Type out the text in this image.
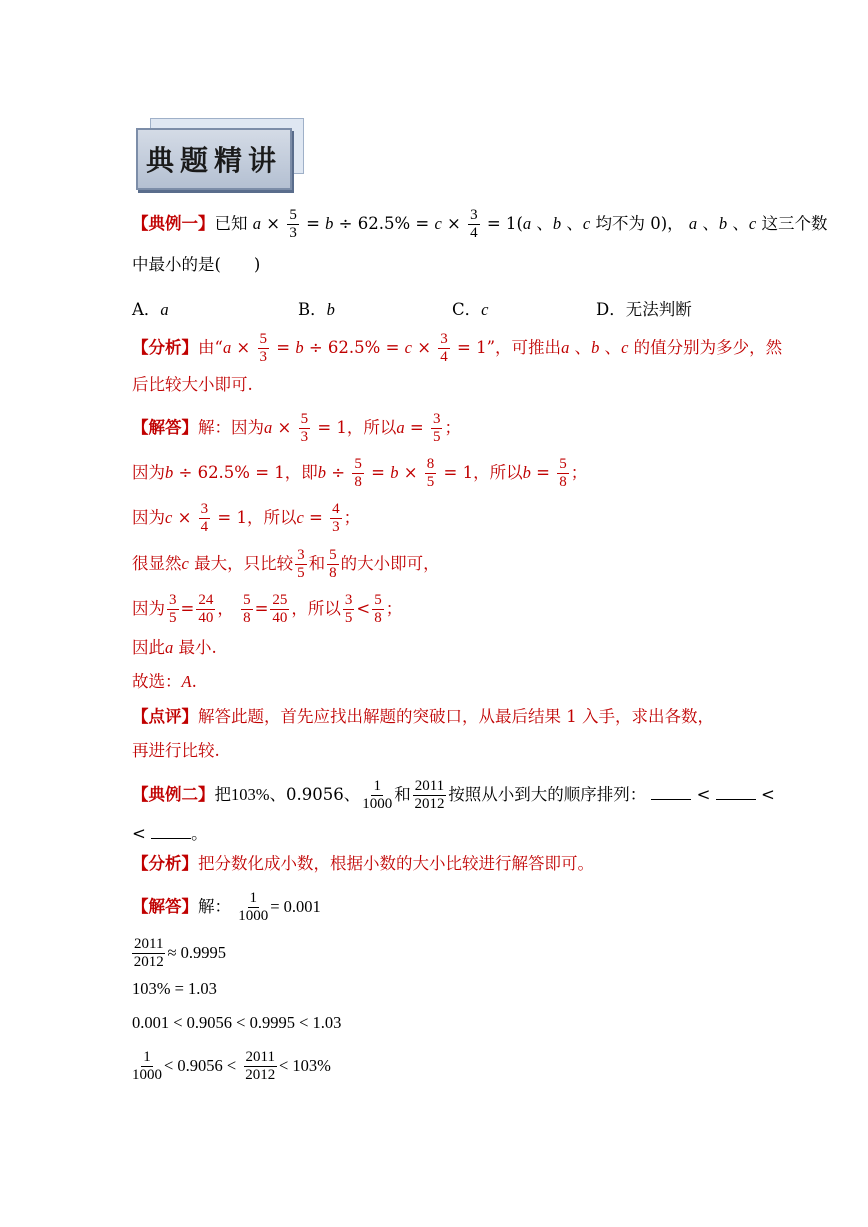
典题精讲
【典例一】已知 $a \times \frac{5}{3} = b \div 62.5\% = c \times \frac{3}{4} = 1(a$ 、b 、c 均不为 0)， a 、b 、c 这三个数
中最小的是(　　)
A．a	B．b	C．c	D．无法判断
【分析】由“$a \times \frac{5}{3} = b \div 62.5\% = c \times \frac{3}{4} = 1$”，可推出a 、b 、c 的值分别为多少，然
后比较大小即可.
【解答】解：因为$a \times \frac{5}{3} = 1$，所以$a = \frac{3}{5}$ ；
因为b ÷ 62.5% = 1，即$b \div \frac{5}{8} = b \times \frac{8}{5} = 1$，所以$b = \frac{5}{8}$ ；
因为$c \times \frac{3}{4} = 1$，所以$c = \frac{4}{3}$ ；
很显然c 最大，只比较 $\frac{3}{5}$ 和 $\frac{5}{8}$ 的大小即可，
因为 $\frac{3}{5} = \frac{24}{40}$ ， $\frac{5}{8} = \frac{25}{40}$ ，所以 $\frac{3}{5} < \frac{5}{8}$ ；
因此a 最小.
故选：A.
【点评】解答此题，首先应找出解题的突破口，从最后结果 1 入手，求出各数，
再进行比较.
【典例二】把103%、0.9056、 $\frac{1}{1000}$ 和 $\frac{2011}{2012}$ 按照从小到大的顺序排列：	<  <
< 。
【分析】把分数化成小数，根据小数的大小比较进行解答即可。
【解答】解： $\frac{1}{1000} = 0.001$
$\frac{2011}{2012} \approx 0.9995$
103% = 1.03
0.001 < 0.9056 < 0.9995 < 1.03
$\frac{1}{1000} < 0.9056 < \frac{2011}{2012} < 103\%$
